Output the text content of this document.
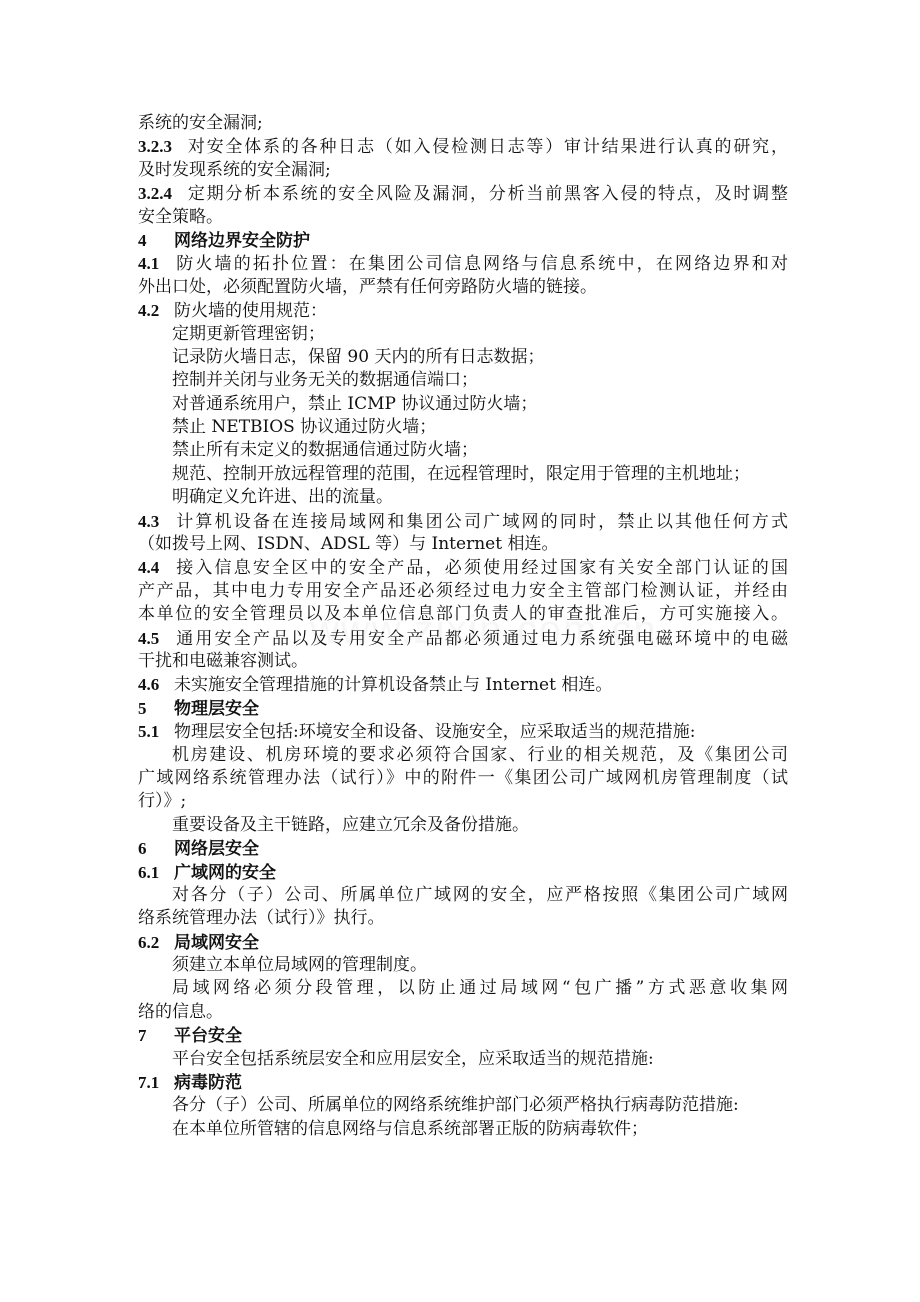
系统的安全漏洞;
3.2.3 对安全体系的各种日志（如入侵检测日志等）审计结果进行认真的研究，
及时发现系统的安全漏洞;
3.2.4 定期分析本系统的安全风险及漏洞，分析当前黑客入侵的特点，及时调整
安全策略。
4 网络边界安全防护
4.1 防火墙的拓扑位置：在集团公司信息网络与信息系统中，在网络边界和对
外出口处，必须配置防火墙，严禁有任何旁路防火墙的链接。
4.2 防火墙的使用规范：
定期更新管理密钥；
记录防火墙日志，保留 90 天内的所有日志数据；
控制并关闭与业务无关的数据通信端口；
对普通系统用户，禁止 ICMP 协议通过防火墙；
禁止 NETBIOS 协议通过防火墙；
禁止所有未定义的数据通信通过防火墙；
规范、控制开放远程管理的范围，在远程管理时，限定用于管理的主机地址；
明确定义允许进、出的流量。
4.3 计算机设备在连接局域网和集团公司广域网的同时，禁止以其他任何方式
（如拨号上网、ISDN、ADSL 等）与 Internet 相连。
4.4 接入信息安全区中的安全产品，必须使用经过国家有关安全部门认证的国
产产品，其中电力专用安全产品还必须经过电力安全主管部门检测认证，并经由
本单位的安全管理员以及本单位信息部门负责人的审查批准后，方可实施接入。
4.5 通用安全产品以及专用安全产品都必须通过电力系统强电磁环境中的电磁
干扰和电磁兼容测试。
4.6 未实施安全管理措施的计算机设备禁止与 Internet 相连。
5 物理层安全
5.1 物理层安全包括:环境安全和设备、设施安全，应采取适当的规范措施:
机房建设、机房环境的要求必须符合国家、行业的相关规范，及《集团公司
广域网络系统管理办法（试行）》中的附件一《集团公司广域网机房管理制度（试
行）》;
重要设备及主干链路，应建立冗余及备份措施。
6 网络层安全
6.1 广域网的安全
对各分（子）公司、所属单位广域网的安全，应严格按照《集团公司广域网
络系统管理办法（试行）》执行。
6.2 局域网安全
须建立本单位局域网的管理制度。
局域网络必须分段管理，以防止通过局域网“包广播”方式恶意收集网
络的信息。
7 平台安全
平台安全包括系统层安全和应用层安全，应采取适当的规范措施:
7.1 病毒防范
各分（子）公司、所属单位的网络系统维护部门必须严格执行病毒防范措施:
在本单位所管辖的信息网络与信息系统部署正版的防病毒软件；
